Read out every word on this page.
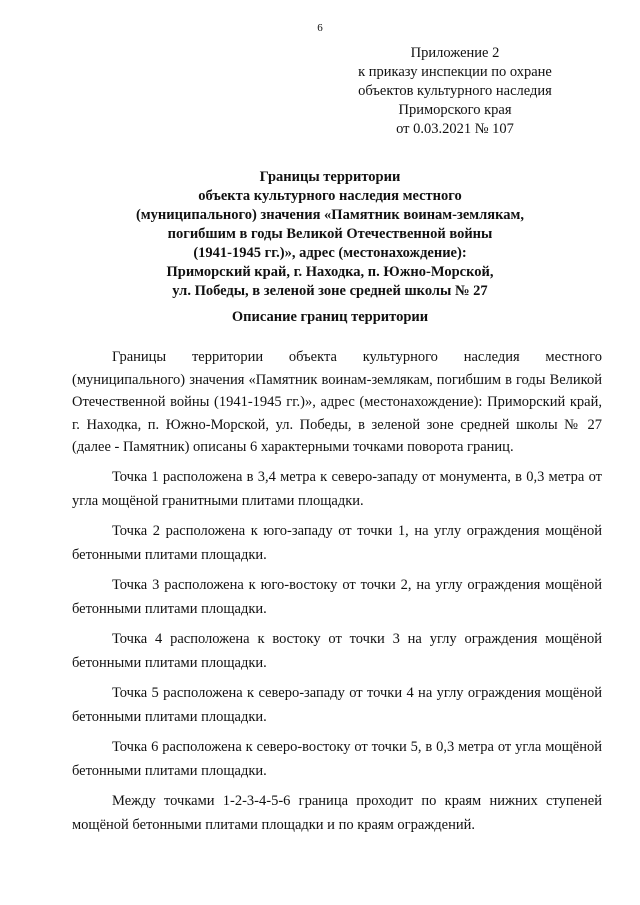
6
Приложение 2
к приказу инспекции по охране
объектов культурного наследия
Приморского края
от 0.03.2021 № 107
Границы территории
объекта культурного наследия местного
(муниципального) значения «Памятник воинам-землякам,
погибшим в годы Великой Отечественной войны
(1941-1945 гг.)», адрес (местонахождение):
Приморский край, г. Находка, п. Южно-Морской,
ул. Победы, в зеленой зоне средней школы № 27
Описание границ территории

Границы территории объекта культурного наследия местного (муниципального) значения «Памятник воинам-землякам, погибшим в годы Великой Отечественной войны (1941-1945 гг.)», адрес (местонахождение): Приморский край, г. Находка, п. Южно-Морской, ул. Победы, в зеленой зоне средней школы № 27 (далее - Памятник) описаны 6 характерными точками поворота границ.

Точка 1 расположена в 3,4 метра к северо-западу от монумента, в 0,3 метра от угла мощёной гранитными плитами площадки.

Точка 2 расположена к юго-западу от точки 1, на углу ограждения мощёной бетонными плитами площадки.

Точка 3 расположена к юго-востоку от точки 2, на углу ограждения мощёной бетонными плитами площадки.

Точка 4 расположена к востоку от точки 3 на углу ограждения мощёной бетонными плитами площадки.

Точка 5 расположена к северо-западу от точки 4 на углу ограждения мощёной бетонными плитами площадки.

Точка 6 расположена к северо-востоку от точки 5, в 0,3 метра от угла мощёной бетонными плитами площадки.

Между точками 1-2-3-4-5-6 граница проходит по краям нижних ступеней мощёной бетонными плитами площадки и по краям ограждений.
